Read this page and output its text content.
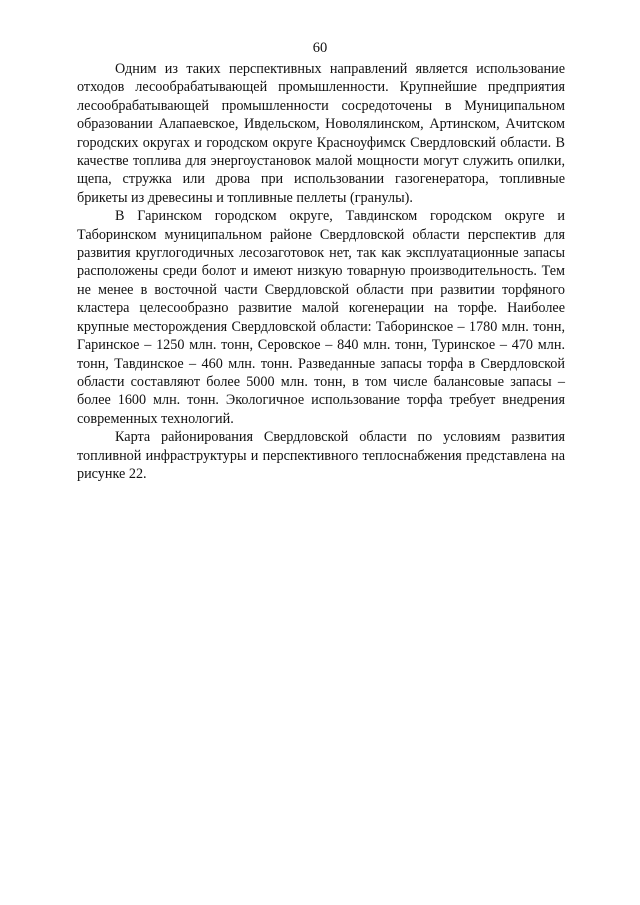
60

Одним из таких перспективных направлений является использование отходов лесообрабатывающей промышленности. Крупнейшие предприятия лесообрабатывающей промышленности сосредоточены в Муниципальном образовании Алапаевское, Ивдельском, Новолялинском, Артинском, Ачитском городских округах и городском округе Красноуфимск Свердловский области. В качестве топлива для энергоустановок малой мощности могут служить опилки, щепа, стружка или дрова при использовании газогенератора, топливные брикеты из древесины и топливные пеллеты (гранулы).

В Гаринском городском округе, Тавдинском городском округе и Таборинском муниципальном районе Свердловской области перспектив для развития круглогодичных лесозаготовок нет, так как эксплуатационные запасы расположены среди болот и имеют низкую товарную производительность. Тем не менее в восточной части Свердловской области при развитии торфяного кластера целесообразно развитие малой когенерации на торфе. Наиболее крупные месторождения Свердловской области: Таборинское – 1780 млн. тонн, Гаринское – 1250 млн. тонн, Серовское – 840 млн. тонн, Туринское – 470 млн. тонн, Тавдинское – 460 млн. тонн. Разведанные запасы торфа в Свердловской области составляют более 5000 млн. тонн, в том числе балансовые запасы – более 1600 млн. тонн. Экологичное использование торфа требует внедрения современных технологий.

Карта районирования Свердловской области по условиям развития топливной инфраструктуры и перспективного теплоснабжения представлена на рисунке 22.
